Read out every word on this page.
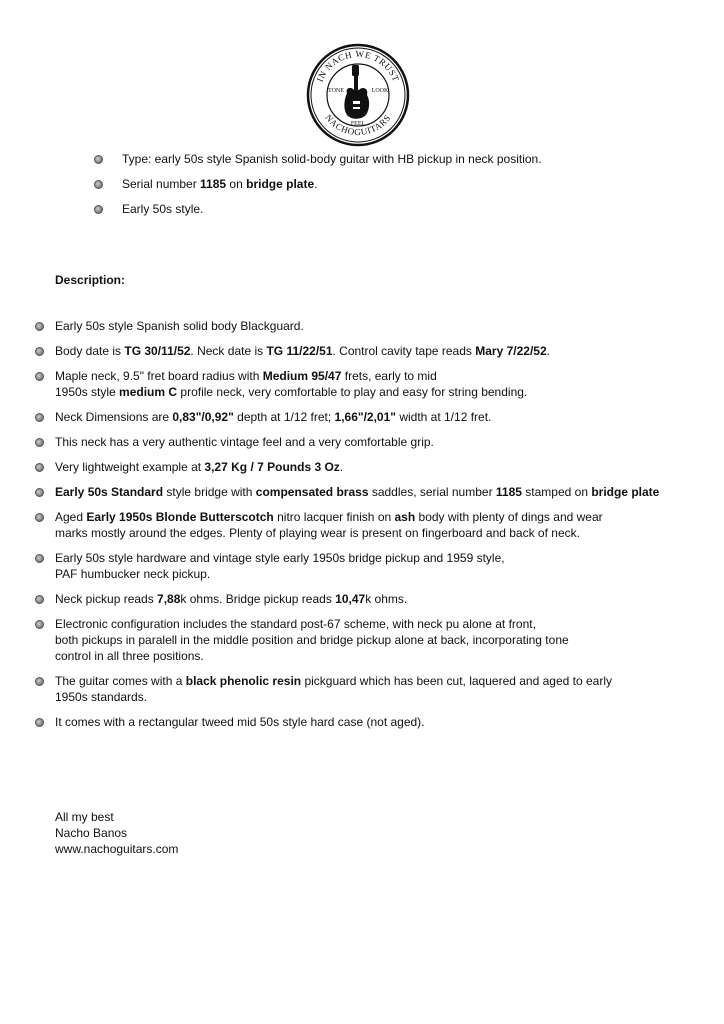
IN NACH WE TRUST
NACHOGUITARS
TONE	LOOK
FEEL
Type: early 50s style Spanish solid-body guitar with HB pickup in neck position.
Serial number 1185 on bridge plate.
Early 50s style.
Description:
Early 50s style Spanish solid body Blackguard.
Body date is TG 30/11/52. Neck date is TG 11/22/51. Control cavity tape reads Mary 7/22/52.
Maple neck, 9.5" fret board radius with Medium 95/47 frets, early to mid
1950s style medium C profile neck, very comfortable to play and easy for string bending.
Neck Dimensions are 0,83"/0,92" depth at 1/12 fret; 1,66"/2,01" width at 1/12 fret.
This neck has a very authentic vintage feel and a very comfortable grip.
Very lightweight example at 3,27 Kg / 7 Pounds 3 Oz.
Early 50s Standard style bridge with compensated brass saddles, serial number 1185 stamped on bridge plate
Aged Early 1950s Blonde Butterscotch nitro lacquer finish on ash body with plenty of dings and wear
marks mostly around the edges. Plenty of playing wear is present on fingerboard and back of neck.
Early 50s style hardware and vintage style early 1950s bridge pickup and 1959 style,
PAF humbucker neck pickup.
Neck pickup reads 7,88k ohms. Bridge pickup reads 10,47k ohms.
Electronic configuration includes the standard post-67 scheme, with neck pu alone at front,
both pickups in paralell in the middle position and bridge pickup alone at back, incorporating tone
control in all three positions.
The guitar comes with a black phenolic resin pickguard which has been cut, laquered and aged to early
1950s standards.
It comes with a rectangular tweed mid 50s style hard case (not aged).
All my best
Nacho Banos
www.nachoguitars.com
